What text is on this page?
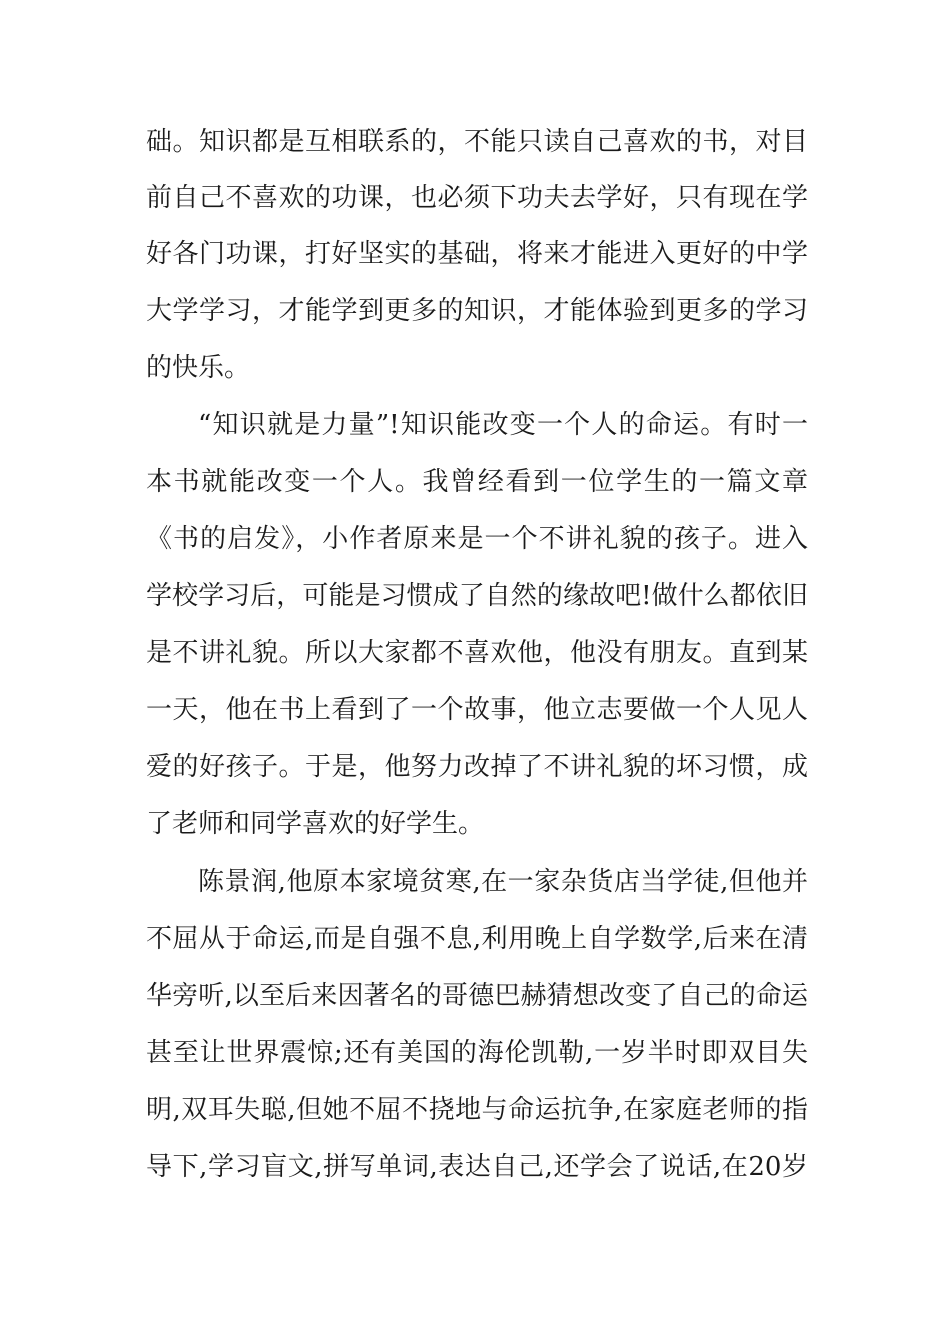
础。知识都是互相联系的，不能只读自己喜欢的书，对目
前自己不喜欢的功课，也必须下功夫去学好，只有现在学
好各门功课，打好坚实的基础，将来才能进入更好的中学
大学学习，才能学到更多的知识，才能体验到更多的学习
的快乐。
“知识就是力量”!知识能改变一个人的命运。有时一
本书就能改变一个人。我曾经看到一位学生的一篇文章
《书的启发》，小作者原来是一个不讲礼貌的孩子。进入
学校学习后，可能是习惯成了自然的缘故吧!做什么都依旧
是不讲礼貌。所以大家都不喜欢他，他没有朋友。直到某
一天，他在书上看到了一个故事，他立志要做一个人见人
爱的好孩子。于是，他努力改掉了不讲礼貌的坏习惯，成
了老师和同学喜欢的好学生。
陈景润,他原本家境贫寒,在一家杂货店当学徒,但他并
不屈从于命运,而是自强不息,利用晚上自学数学,后来在清
华旁听,以至后来因著名的哥德巴赫猜想改变了自己的命运
甚至让世界震惊;还有美国的海伦凯勒,一岁半时即双目失
明,双耳失聪,但她不屈不挠地与命运抗争,在家庭老师的指
导下,学习盲文,拼写单词,表达自己,还学会了说话,在20岁
